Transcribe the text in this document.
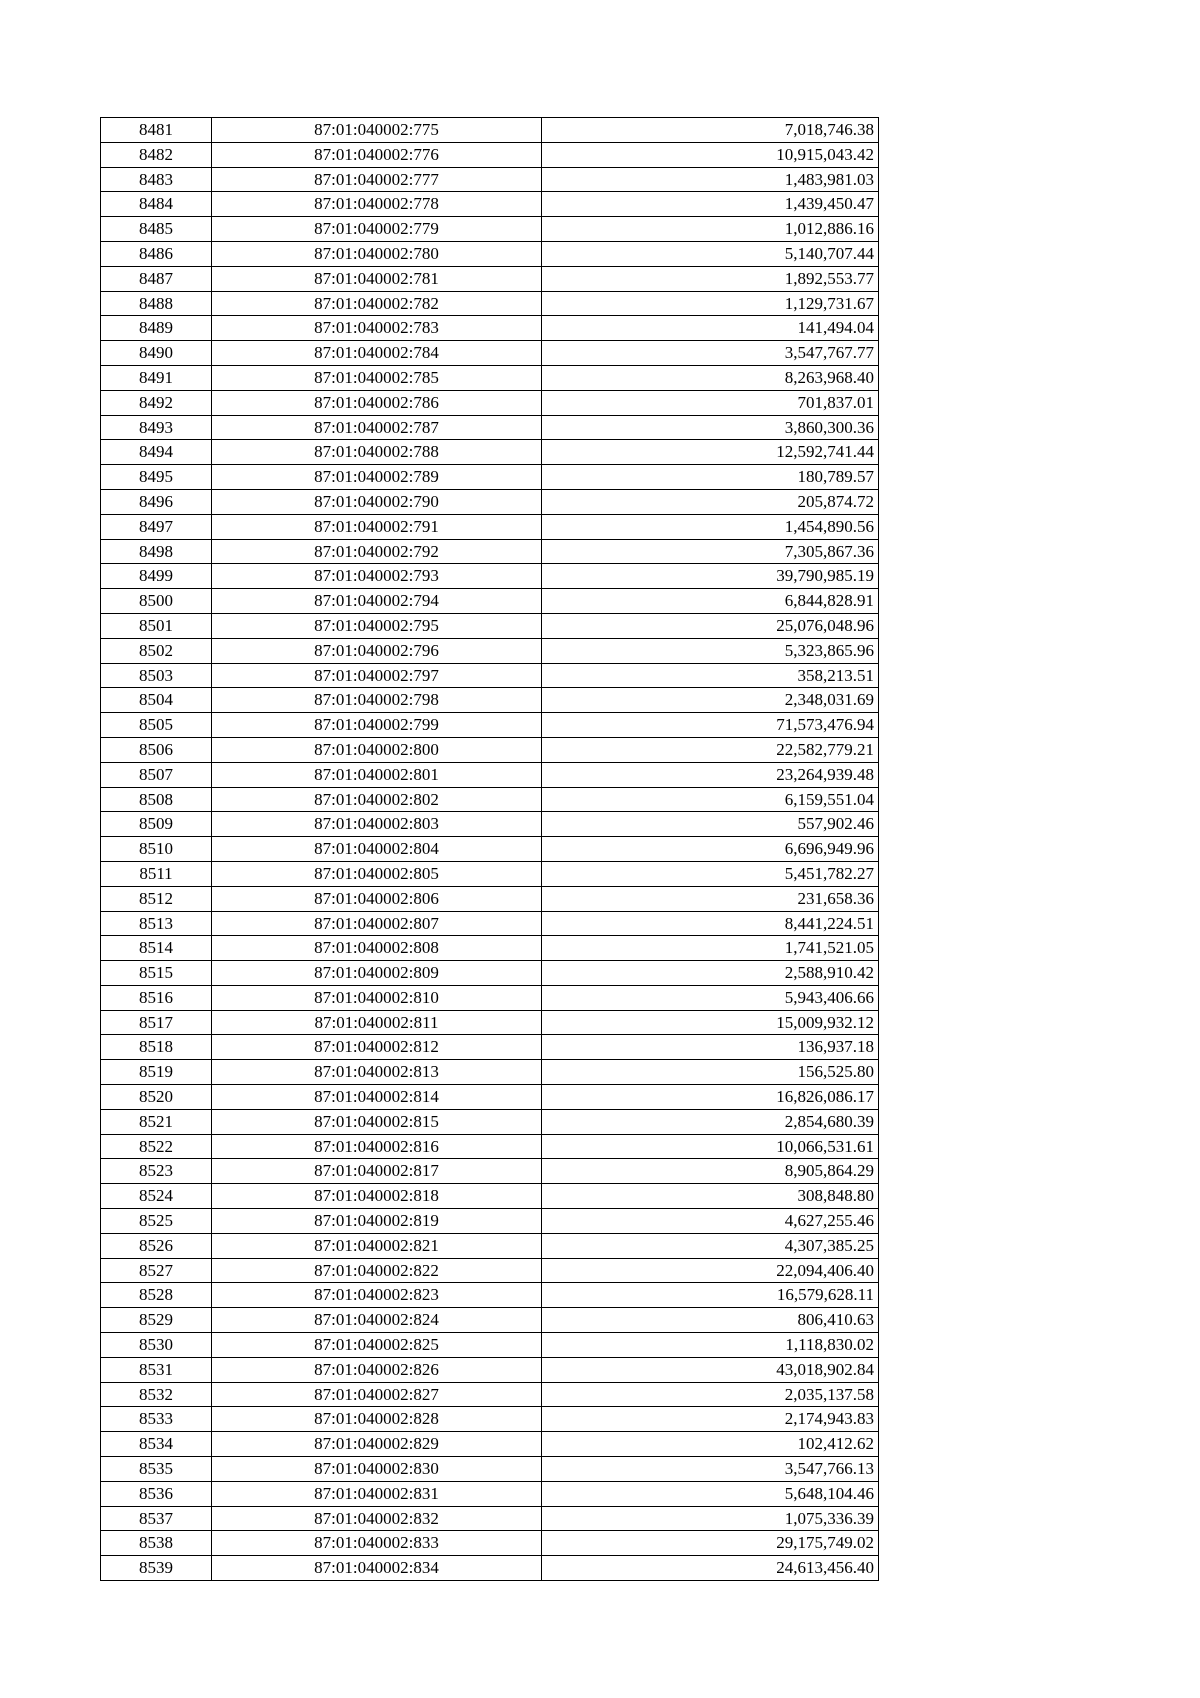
8481	87:01:040002:775	7,018,746.38
8482	87:01:040002:776	10,915,043.42
8483	87:01:040002:777	1,483,981.03
8484	87:01:040002:778	1,439,450.47
8485	87:01:040002:779	1,012,886.16
8486	87:01:040002:780	5,140,707.44
8487	87:01:040002:781	1,892,553.77
8488	87:01:040002:782	1,129,731.67
8489	87:01:040002:783	141,494.04
8490	87:01:040002:784	3,547,767.77
8491	87:01:040002:785	8,263,968.40
8492	87:01:040002:786	701,837.01
8493	87:01:040002:787	3,860,300.36
8494	87:01:040002:788	12,592,741.44
8495	87:01:040002:789	180,789.57
8496	87:01:040002:790	205,874.72
8497	87:01:040002:791	1,454,890.56
8498	87:01:040002:792	7,305,867.36
8499	87:01:040002:793	39,790,985.19
8500	87:01:040002:794	6,844,828.91
8501	87:01:040002:795	25,076,048.96
8502	87:01:040002:796	5,323,865.96
8503	87:01:040002:797	358,213.51
8504	87:01:040002:798	2,348,031.69
8505	87:01:040002:799	71,573,476.94
8506	87:01:040002:800	22,582,779.21
8507	87:01:040002:801	23,264,939.48
8508	87:01:040002:802	6,159,551.04
8509	87:01:040002:803	557,902.46
8510	87:01:040002:804	6,696,949.96
8511	87:01:040002:805	5,451,782.27
8512	87:01:040002:806	231,658.36
8513	87:01:040002:807	8,441,224.51
8514	87:01:040002:808	1,741,521.05
8515	87:01:040002:809	2,588,910.42
8516	87:01:040002:810	5,943,406.66
8517	87:01:040002:811	15,009,932.12
8518	87:01:040002:812	136,937.18
8519	87:01:040002:813	156,525.80
8520	87:01:040002:814	16,826,086.17
8521	87:01:040002:815	2,854,680.39
8522	87:01:040002:816	10,066,531.61
8523	87:01:040002:817	8,905,864.29
8524	87:01:040002:818	308,848.80
8525	87:01:040002:819	4,627,255.46
8526	87:01:040002:821	4,307,385.25
8527	87:01:040002:822	22,094,406.40
8528	87:01:040002:823	16,579,628.11
8529	87:01:040002:824	806,410.63
8530	87:01:040002:825	1,118,830.02
8531	87:01:040002:826	43,018,902.84
8532	87:01:040002:827	2,035,137.58
8533	87:01:040002:828	2,174,943.83
8534	87:01:040002:829	102,412.62
8535	87:01:040002:830	3,547,766.13
8536	87:01:040002:831	5,648,104.46
8537	87:01:040002:832	1,075,336.39
8538	87:01:040002:833	29,175,749.02
8539	87:01:040002:834	24,613,456.40
